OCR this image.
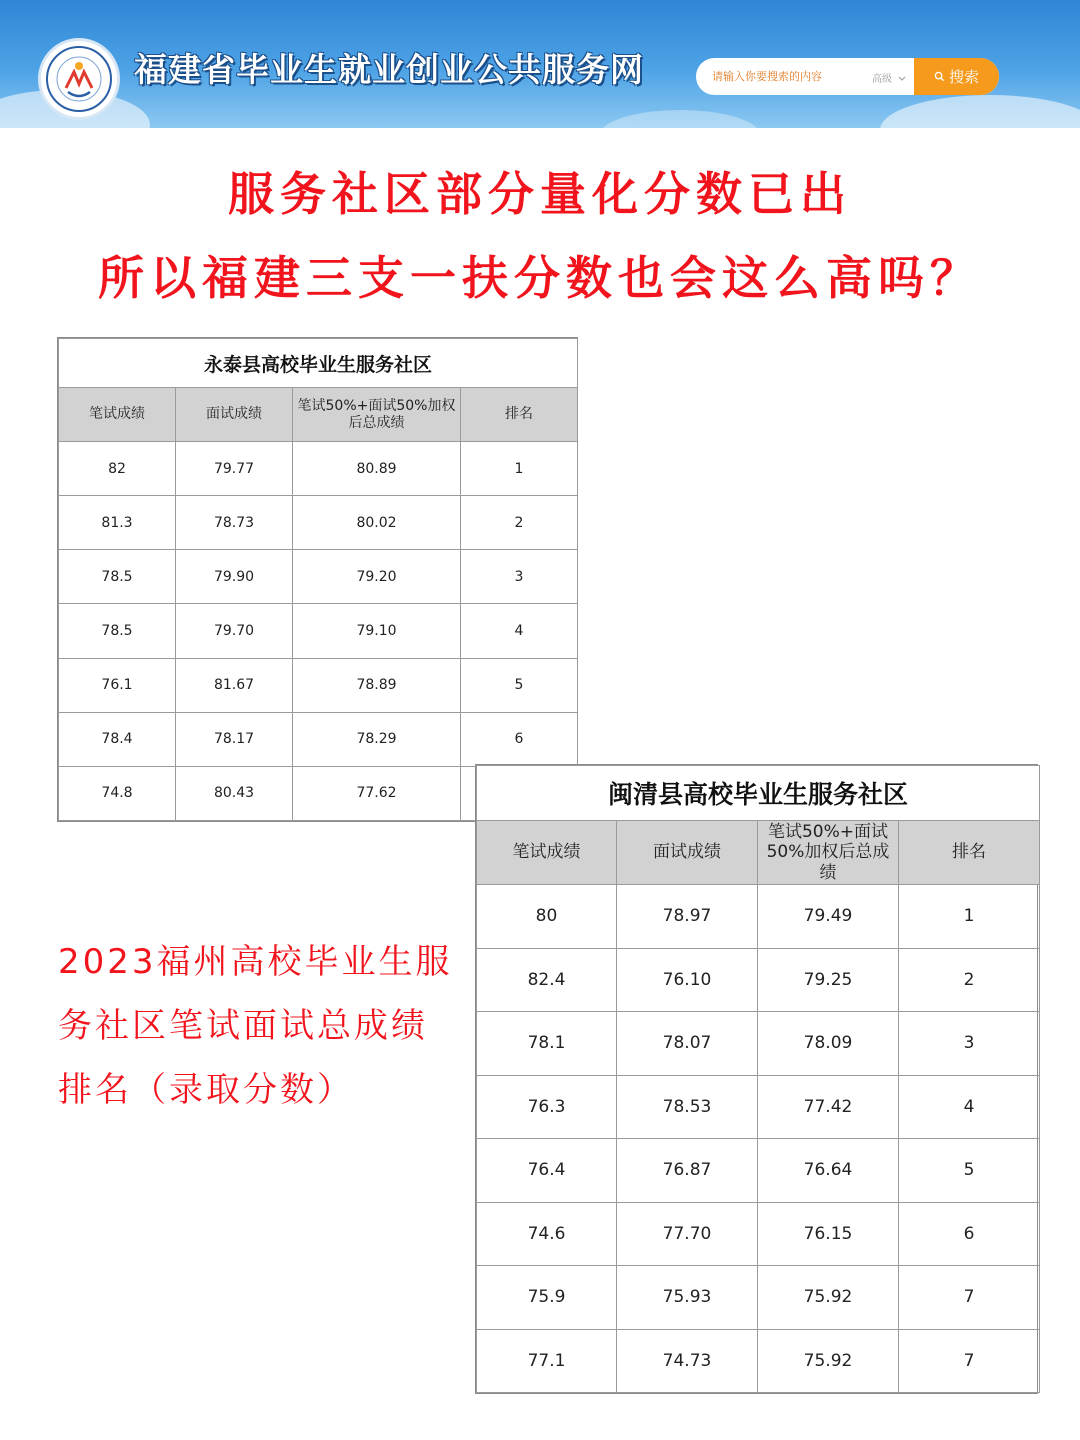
福建省毕业生就业创业公共服务网
请输入你要搜索的内容	高级	搜索
服务社区部分量化分数已出
所以福建三支一扶分数也会这么高吗？
永泰县高校毕业生服务社区			
笔试成绩	面试成绩	笔试50%+面试50%加权后总成绩	排名
82	79.77	80.89	1
81.3	78.73	80.02	2
78.5	79.90	79.20	3
78.5	79.70	79.10	4
76.1	81.67	78.89	5
78.4	78.17	78.29	6
74.8	80.43	77.62	
2023福州高校毕业生服务社区笔试面试总成绩排名（录取分数）
闽清县高校毕业生服务社区			
笔试成绩	面试成绩	笔试50%+面试50%加权后总成绩	排名
80	78.97	79.49	1
82.4	76.10	79.25	2
78.1	78.07	78.09	3
76.3	78.53	77.42	4
76.4	76.87	76.64	5
74.6	77.70	76.15	6
75.9	75.93	75.92	7
77.1	74.73	75.92	7
